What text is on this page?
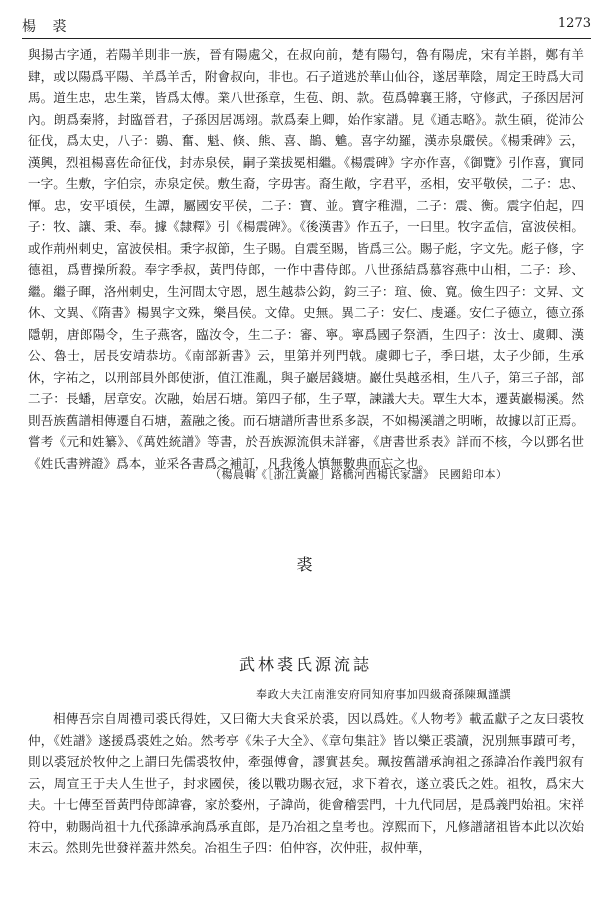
楊 裘	1273
與揚古字通，若陽羊則非一族，晉有陽處父，在叔向前，楚有陽匄，魯有陽虎，宋有羊斟，鄭有羊肆，或以陽爲平陽、羊爲羊舌，附會叔向，非也。石子道逃於華山仙谷，遂居華陰，周定王時爲大司馬。道生忠，忠生業，皆爲太傅。業八世孫章，生苞、朗、款。苞爲韓襄王將，守修武，子孫因居河內。朗爲秦將，封臨晉君，子孫因居馮翊。款爲秦上卿，始作家譜。見《通志略》。款生碩，從沛公征伐，爲太史，八子：鷃、奮、魁、倏、熊、喜、鵲、魋。喜字幼羅，漢赤泉嚴侯。《楊秉碑》云，漢興，烈祖楊喜佐命征伐，封赤泉侯，嗣子業拔冕相繼。《楊震碑》字亦作喜，《御覽》引作喜，實同一字。生敷，字伯宗，赤泉定侯。敷生裔，字毋害。裔生敞，字君平，丞相，安平敬侯，二子：忠、惲。忠，安平頃侯，生譚，屬國安平侯，二子：寶、並。寶字稚淵，二子：震、衡。震字伯起，四子：牧、讓、秉、奉。據《隸釋》引《楊震碑》。《後漢書》作五子，一曰里。牧字孟信，富波侯相。或作荊州刺史，富波侯相。秉字叔節，生子賜。自震至賜，皆爲三公。賜子彪，字文先。彪子修，字德祖，爲曹操所殺。奉字季叔，黃門侍郎，一作中書侍郎。八世孫結爲慕容燕中山相，二子：珍、繼。繼子暉，洛州刺史，生河間太守恩，恩生越恭公鈞，鈞三子：瑄、儉、寬。儉生四子：文昇、文休、文異、《隋書》楊異字文殊，樂昌侯。文偉。史無。異二子：安仁、虔遜。安仁子德立，德立孫隱朝，唐郎陽令，生子燕客，臨汝令，生二子：審、寧。寧爲國子祭酒，生四子：汝士、虞卿、漢公、魯士，居長安靖恭坊。《南部新書》云，里第并列門戟。虞卿七子，季曰堪，太子少師，生承休，字祐之，以刑部員外郎使浙，值江淮亂，與子巖居錢塘。巖仕吳越丞相，生八子，第三子部，部二子：長蟠，居章安。次融，始居石塘。第四子郁，生子覃，諫議大夫。覃生大本，遷黃巖楊溪。然則吾族舊譜相傳遷自石塘，蓋融之後。而石塘譜所書世系多誤，不如楊溪譜之明晰，故據以訂正焉。嘗考《元和姓纂》、《萬姓統譜》等書，於吾族源流俱未詳審，《唐書世系表》詳而不核，今以鄧名世《姓氏書辨證》爲本，並采各書爲之補訂，凡我後人慎無數典而忘之也。
（楊晨輯《［浙江黃巖］路橋河西楊氏家譜》 民國鉛印本）
裘
武林裘氏源流誌
奉政大夫江南淮安府同知府事加四級裔孫陳珮謹譔
相傳吾宗自周禮司裘氏得姓，又曰衛大夫食采於裘，因以爲姓。《人物考》載孟獻子之友曰裘牧仲，《姓譜》遂援爲裘姓之始。然考亭《朱子大全》、《章句集註》皆以樂正裘讀，況別無事蹟可考，則以裘冠於牧仲之上謂曰先儒裘牧仲，牽强傅會，謬實甚矣。珮按舊譜承詢祖之孫諱冶作義門叙有云，周宣王于夫人生世子，封求國侯，後以戰功賜衣冠，求下着衣，遂立裘氏之姓。祖牧，爲宋大夫。十七傳至晉黃門侍郎諱睿，家於婺州，子諱尚，徙會稽雲門，十九代同居，是爲義門始祖。宋祥符中，勅賜尚祖十九代孫諱承詢爲承直郎，是乃冶祖之皇考也。淳熙而下，凡修譜諸祖皆本此以次始末云。然則先世發祥蓋井然矣。冶祖生子四：伯仲容，次仲莊，叔仲華，
